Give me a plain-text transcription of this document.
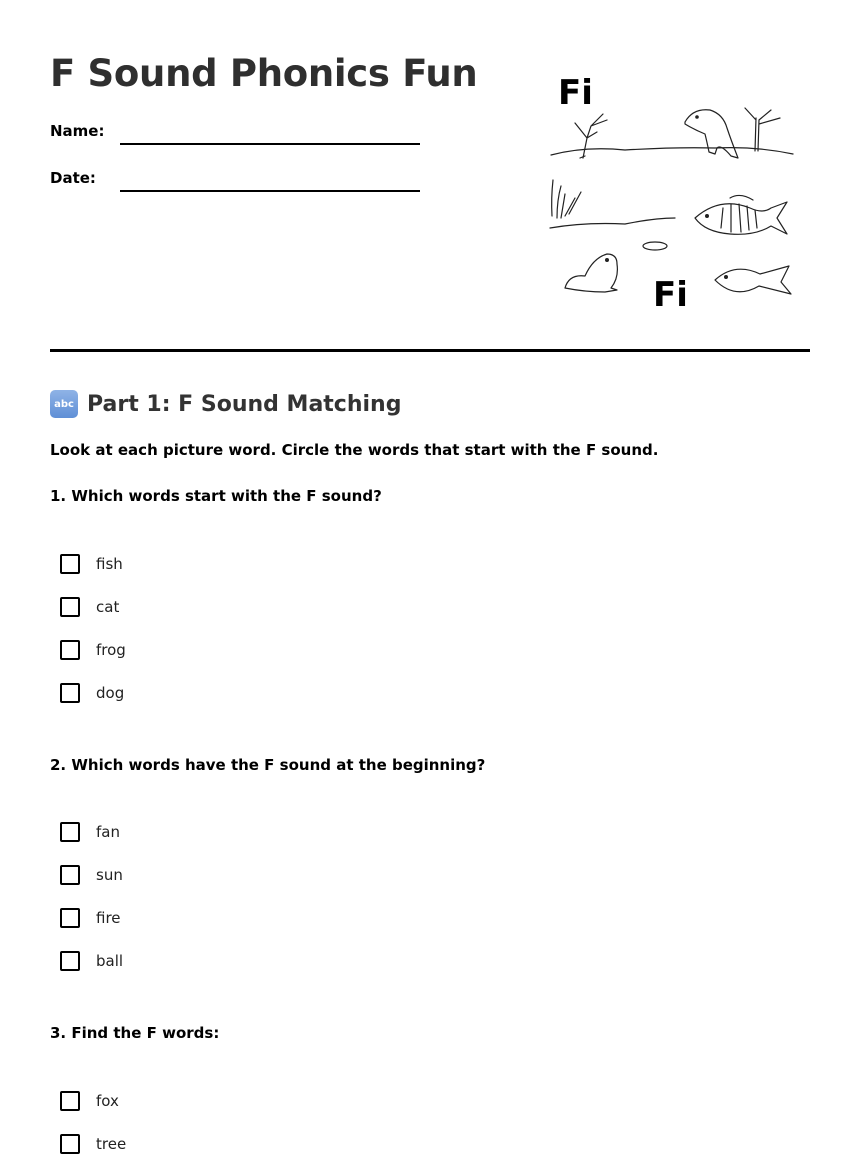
F Sound Phonics Fun
Name:
Date:
Fi
Fi
abc Part 1: F Sound Matching
Look at each picture word. Circle the words that start with the F sound.
1. Which words start with the F sound?
fish
cat
frog
dog
2. Which words have the F sound at the beginning?
fan
sun
fire
ball
3. Find the F words:
fox
tree
